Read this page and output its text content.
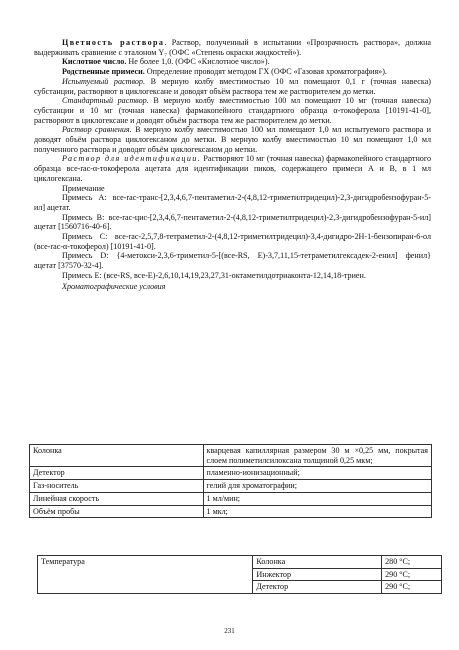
Цветность раствора. Раствор, полученный в испытании «Прозрачность раствора», должна выдерживать сравнение с эталоном Y₇ (ОФС «Степень окраски жидкостей»).

Кислотное число. Не более 1,0. (ОФС «Кислотное число»).

Родственные примеси. Определение проводят методом ГХ (ОФС «Газовая хроматография»).

Испытуемый раствор. В мерную колбу вместимостью 10 мл помещают 0,1 г (точная навеска) субстанции, растворяют в циклогексане и доводят объём раствора тем же растворителем до метки.

Стандартный раствор. В мерную колбу вместимостью 100 мл помещают 10 мг (точная навеска) субстанции и 10 мг (точная навеска) фармакопейного стандартного образца α-токоферола [10191-41-0], растворяют в циклогексане и доводят объём раствора тем же растворителем до метки.

Раствор сравнения. В мерную колбу вместимостью 100 мл помещают 1,0 мл испытуемого раствора и доводят объём раствора циклогексаном до метки. В мерную колбу вместимостью 10 мл помещают 1,0 мл полученного раствора и доводят объём циклогексаном до метки.

Раствор для идентификации. Растворяют 10 мг (точная навеска) фармакопейного стандартного образца все-rac-α-токоферола ацетата для идентификации пиков, содержащего примеси А и В, в 1 мл циклогексана.

Примечание

Примесь A: все-rac-транс-[2,3,4,6,7-пентаметил-2-(4,8,12-триметилтридецил)-2,3-дигидробензофуран-5-ил] ацетат.

Примесь B: все-rac-цис-[2,3,4,6,7-пентаметил-2-(4,8,12-триметилтридецил)-2,3-дигидробензофуран-5-ил] ацетат [1560716-40-6].

Примесь С: все-rac-2,5,7,8-тетраметил-2-(4,8,12-триметилтридецил)-3,4-дигидро-2Н-1-бензопиран-6-ол (все-rac-α-токоферол) [10191-41-0].

Примесь D: {4-метокси-2,3,6-триметил-5-[(все-RS, E)-3,7,11,15-тетраметилгексадек-2-енил] фенил} ацетат [37570-32-4].

Примесь E: (все-RS, все-E)-2,6,10,14,19,23,27,31-октаметилдотриаконта-12,14,18-триен.

Хроматографические условия

Колонка	кварцевая капиллярная размером 30 м ×0,25 мм, покрытая слоем полиметилсилоксана толщиной 0,25 мкм;
Детектор	пламенно-ионизационный;
Газ-носитель	гелий для хроматографии;
Линейная скорость	1 мл/мин;
Объём пробы	1 мкл;
Температура	Колонка	280 °С;
	Инжектор	290 °С;
	Детектор	290 °С;
231
